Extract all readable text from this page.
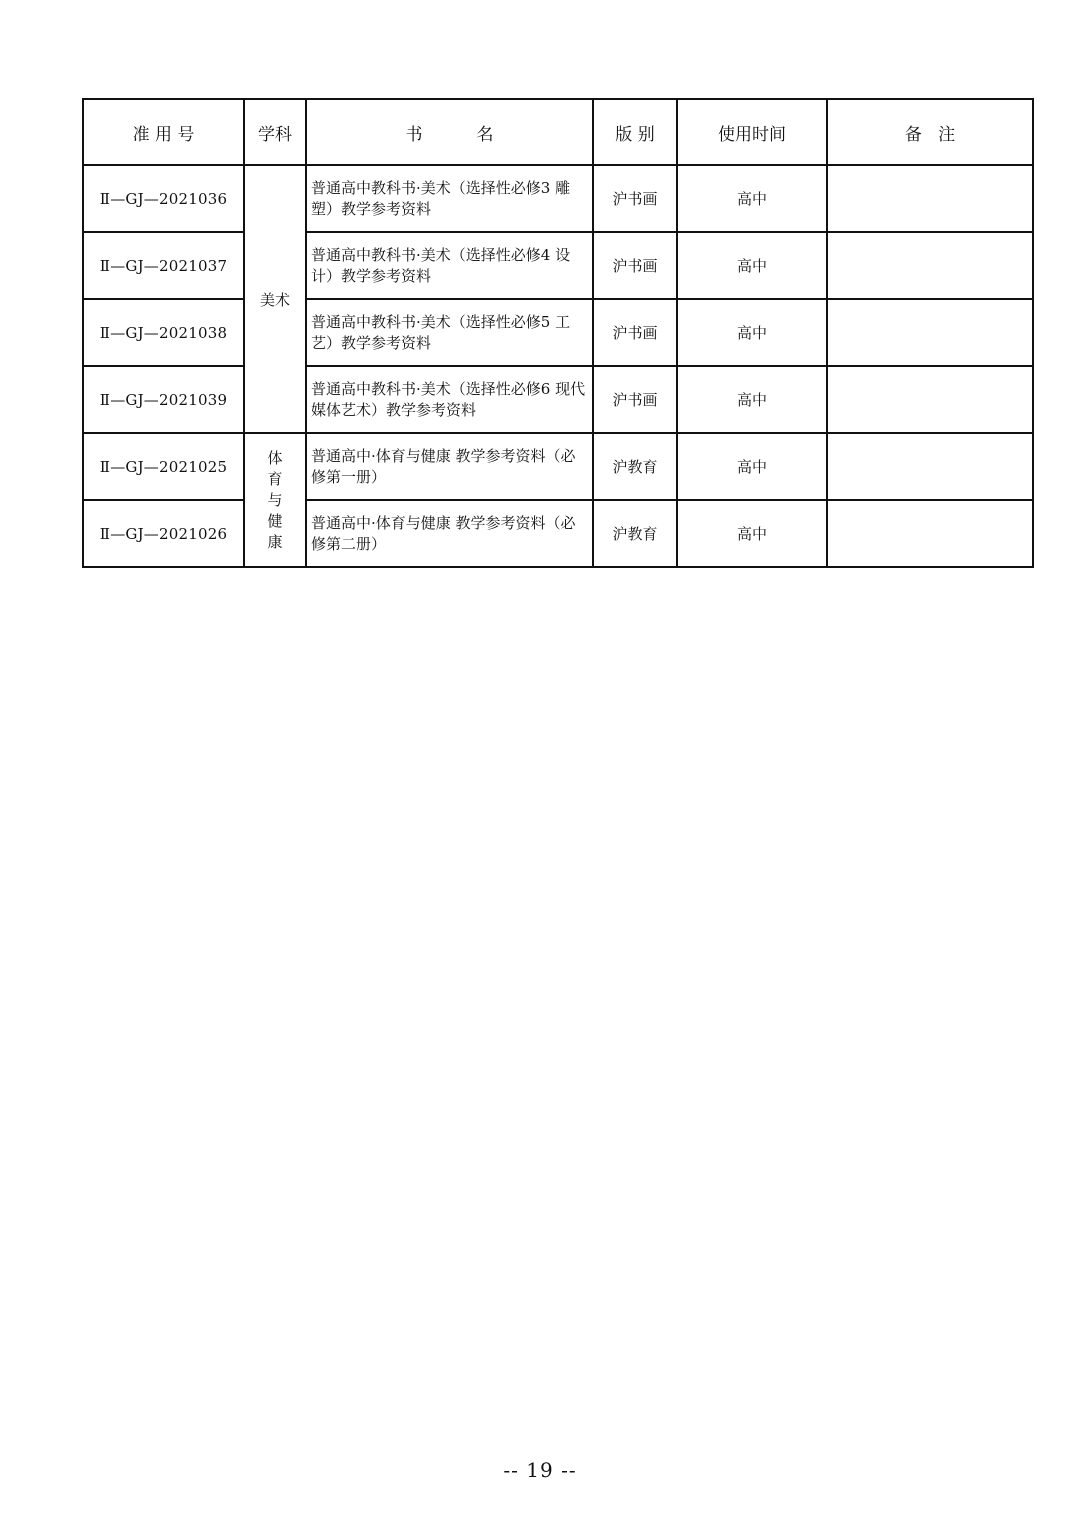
准 用 号	学科	书          名	版 别	使用时间	备   注
Ⅱ—GJ—2021036	美术	普通高中教科书·美术（选择性必修3 雕塑）教学参考资料	沪书画	高中	
Ⅱ—GJ—2021037		普通高中教科书·美术（选择性必修4 设计）教学参考资料	沪书画	高中	
Ⅱ—GJ—2021038		普通高中教科书·美术（选择性必修5 工艺）教学参考资料	沪书画	高中	
Ⅱ—GJ—2021039		普通高中教科书·美术（选择性必修6 现代媒体艺术）教学参考资料	沪书画	高中	
Ⅱ—GJ—2021025	体育与健康	普通高中·体育与健康 教学参考资料（必修第一册）	沪教育	高中	
Ⅱ—GJ—2021026		普通高中·体育与健康 教学参考资料（必修第二册）	沪教育	高中	
-- 19 --
